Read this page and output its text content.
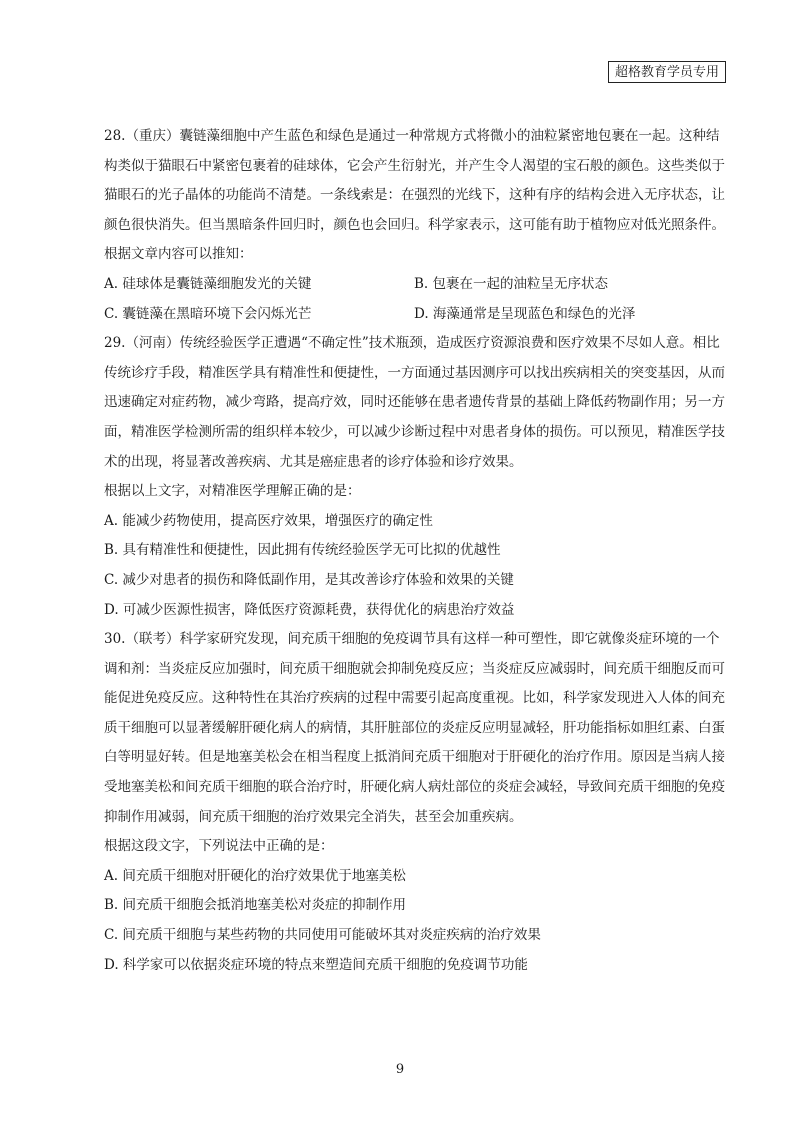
超格教育学员专用

28.（重庆）囊链藻细胞中产生蓝色和绿色是通过一种常规方式将微小的油粒紧密地包裹在一起。这种结构类似于猫眼石中紧密包裹着的硅球体，它会产生衍射光，并产生令人渴望的宝石般的颜色。这些类似于猫眼石的光子晶体的功能尚不清楚。一条线索是：在强烈的光线下，这种有序的结构会进入无序状态，让颜色很快消失。但当黑暗条件回归时，颜色也会回归。科学家表示，这可能有助于植物应对低光照条件。

根据文章内容可以推知：

A. 硅球体是囊链藻细胞发光的关键	B. 包裹在一起的油粒呈无序状态

C. 囊链藻在黑暗环境下会闪烁光芒	D. 海藻通常是呈现蓝色和绿色的光泽

29.（河南）传统经验医学正遭遇“不确定性”技术瓶颈，造成医疗资源浪费和医疗效果不尽如人意。相比传统诊疗手段，精准医学具有精准性和便捷性，一方面通过基因测序可以找出疾病相关的突变基因，从而迅速确定对症药物，减少弯路，提高疗效，同时还能够在患者遗传背景的基础上降低药物副作用；另一方面，精准医学检测所需的组织样本较少，可以减少诊断过程中对患者身体的损伤。可以预见，精准医学技术的出现，将显著改善疾病、尤其是癌症患者的诊疗体验和诊疗效果。

根据以上文字，对精准医学理解正确的是：

A. 能减少药物使用，提高医疗效果，增强医疗的确定性

B. 具有精准性和便捷性，因此拥有传统经验医学无可比拟的优越性

C. 减少对患者的损伤和降低副作用，是其改善诊疗体验和效果的关键

D. 可减少医源性损害，降低医疗资源耗费，获得优化的病患治疗效益

30.（联考）科学家研究发现，间充质干细胞的免疫调节具有这样一种可塑性，即它就像炎症环境的一个调和剂：当炎症反应加强时，间充质干细胞就会抑制免疫反应；当炎症反应减弱时，间充质干细胞反而可能促进免疫反应。这种特性在其治疗疾病的过程中需要引起高度重视。比如，科学家发现进入人体的间充质干细胞可以显著缓解肝硬化病人的病情，其肝脏部位的炎症反应明显减轻，肝功能指标如胆红素、白蛋白等明显好转。但是地塞美松会在相当程度上抵消间充质干细胞对于肝硬化的治疗作用。原因是当病人接受地塞美松和间充质干细胞的联合治疗时，肝硬化病人病灶部位的炎症会减轻，导致间充质干细胞的免疫抑制作用减弱，间充质干细胞的治疗效果完全消失，甚至会加重疾病。

根据这段文字，下列说法中正确的是：

A. 间充质干细胞对肝硬化的治疗效果优于地塞美松

B. 间充质干细胞会抵消地塞美松对炎症的抑制作用

C. 间充质干细胞与某些药物的共同使用可能破坏其对炎症疾病的治疗效果

D. 科学家可以依据炎症环境的特点来塑造间充质干细胞的免疫调节功能

9
